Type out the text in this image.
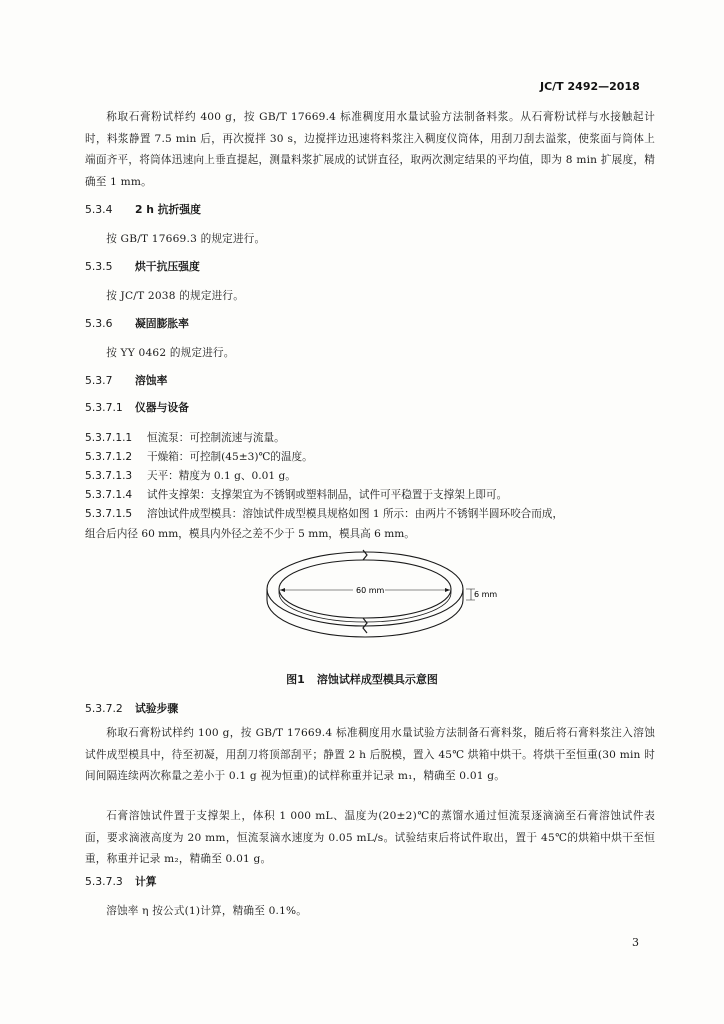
JC/T 2492—2018
称取石膏粉试样约 400 g，按 GB/T 17669.4 标准稠度用水量试验方法制备料浆。从石膏粉试样与水接触起计时，料浆静置 7.5 min 后，再次搅拌 30 s，边搅拌边迅速将料浆注入稠度仪筒体，用刮刀刮去溢浆，使浆面与筒体上端面齐平，将筒体迅速向上垂直提起，测量料浆扩展成的试饼直径，取两次测定结果的平均值，即为 8 min 扩展度，精确至 1 mm。
5.3.4 2 h 抗折强度
按 GB/T 17669.3 的规定进行。
5.3.5 烘干抗压强度
按 JC/T 2038 的规定进行。
5.3.6 凝固膨胀率
按 YY 0462 的规定进行。
5.3.7 溶蚀率
5.3.7.1 仪器与设备
5.3.7.1.1 恒流泵：可控制流速与流量。
5.3.7.1.2 干燥箱：可控制(45±3)℃的温度。
5.3.7.1.3 天平：精度为 0.1 g、0.01 g。
5.3.7.1.4 试件支撑架：支撑架宜为不锈钢或塑料制品，试件可平稳置于支撑架上即可。
5.3.7.1.5 溶蚀试件成型模具：溶蚀试件成型模具规格如图 1 所示：由两片不锈钢半圆环咬合而成，
组合后内径 60 mm，模具内外径之差不少于 5 mm，模具高 6 mm。
60 mm	6 mm
图1 溶蚀试样成型模具示意图
5.3.7.2 试验步骤
称取石膏粉试样约 100 g，按 GB/T 17669.4 标准稠度用水量试验方法制备石膏料浆，随后将石膏料浆注入溶蚀试件成型模具中，待至初凝，用刮刀将顶部刮平；静置 2 h 后脱模，置入 45℃ 烘箱中烘干。将烘干至恒重(30 min 时间间隔连续两次称量之差小于 0.1 g 视为恒重)的试样称重并记录 m₁，精确至 0.01 g。
石膏溶蚀试件置于支撑架上，体积 1 000 mL、温度为(20±2)℃的蒸馏水通过恒流泵逐滴滴至石膏溶蚀试件表面，要求滴液高度为 20 mm，恒流泵滴水速度为 0.05 mL/s。试验结束后将试件取出，置于 45℃的烘箱中烘干至恒重，称重并记录 m₂，精确至 0.01 g。
5.3.7.3 计算
溶蚀率 η 按公式(1)计算，精确至 0.1%。
3
